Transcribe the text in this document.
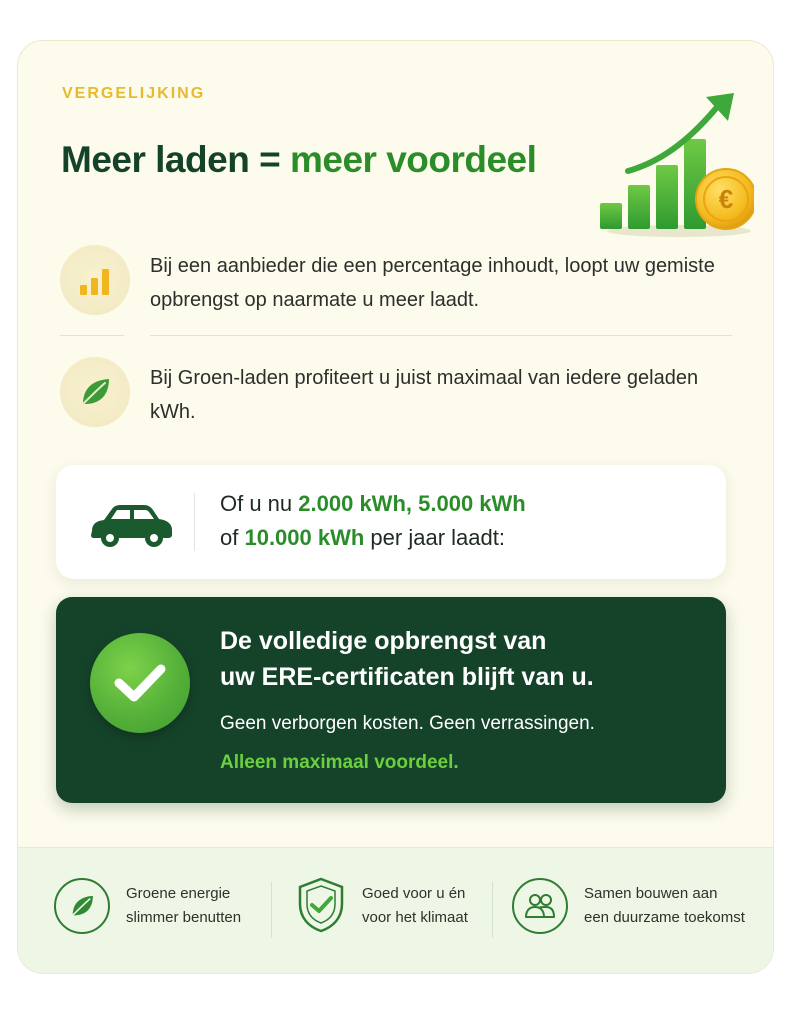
VERGELIJKING
Meer laden = meer voordeel
€
Bij een aanbieder die een percentage inhoudt, loopt uw gemiste opbrengst op naarmate u meer laadt.
Bij Groen-laden profiteert u juist maximaal van iedere geladen kWh.
Of u nu 2.000 kWh, 5.000 kWh
of 10.000 kWh per jaar laadt:
De volledige opbrengst van
uw ERE-certificaten blijft van u.
Geen verborgen kosten. Geen verrassingen.
Alleen maximaal voordeel.
Groene energie
slimmer benutten
Goed voor u én
voor het klimaat
Samen bouwen aan
een duurzame toekomst
